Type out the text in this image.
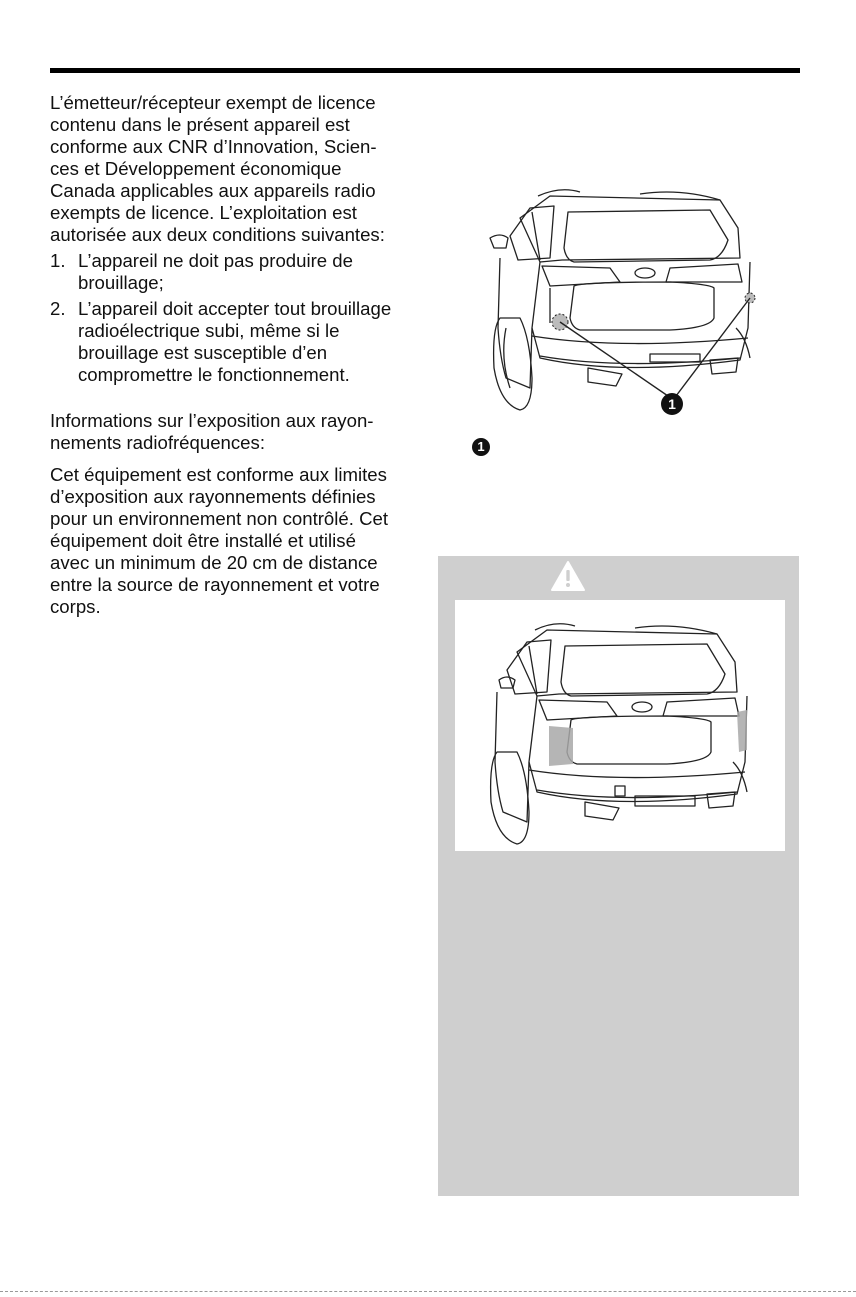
L’émetteur/récepteur exempt de licence
contenu dans le présent appareil est
conforme aux CNR d’Innovation, Scien-
ces et Développement économique
Canada applicables aux appareils radio
exempts de licence. L’exploitation est
autorisée aux deux conditions suivantes:

1. L’appareil ne doit pas produire de
brouillage;
2. L’appareil doit accepter tout brouillage
radioélectrique subi, même si le
brouillage est susceptible d’en
compromettre le fonctionnement.

Informations sur l’exposition aux rayon-
nements radiofréquences:

Cet équipement est conforme aux limites
d’exposition aux rayonnements définies
pour un environnement non contrôlé. Cet
équipement doit être installé et utilisé
avec un minimum de 20 cm de distance
entre la source de rayonnement et votre
corps.

1
1
